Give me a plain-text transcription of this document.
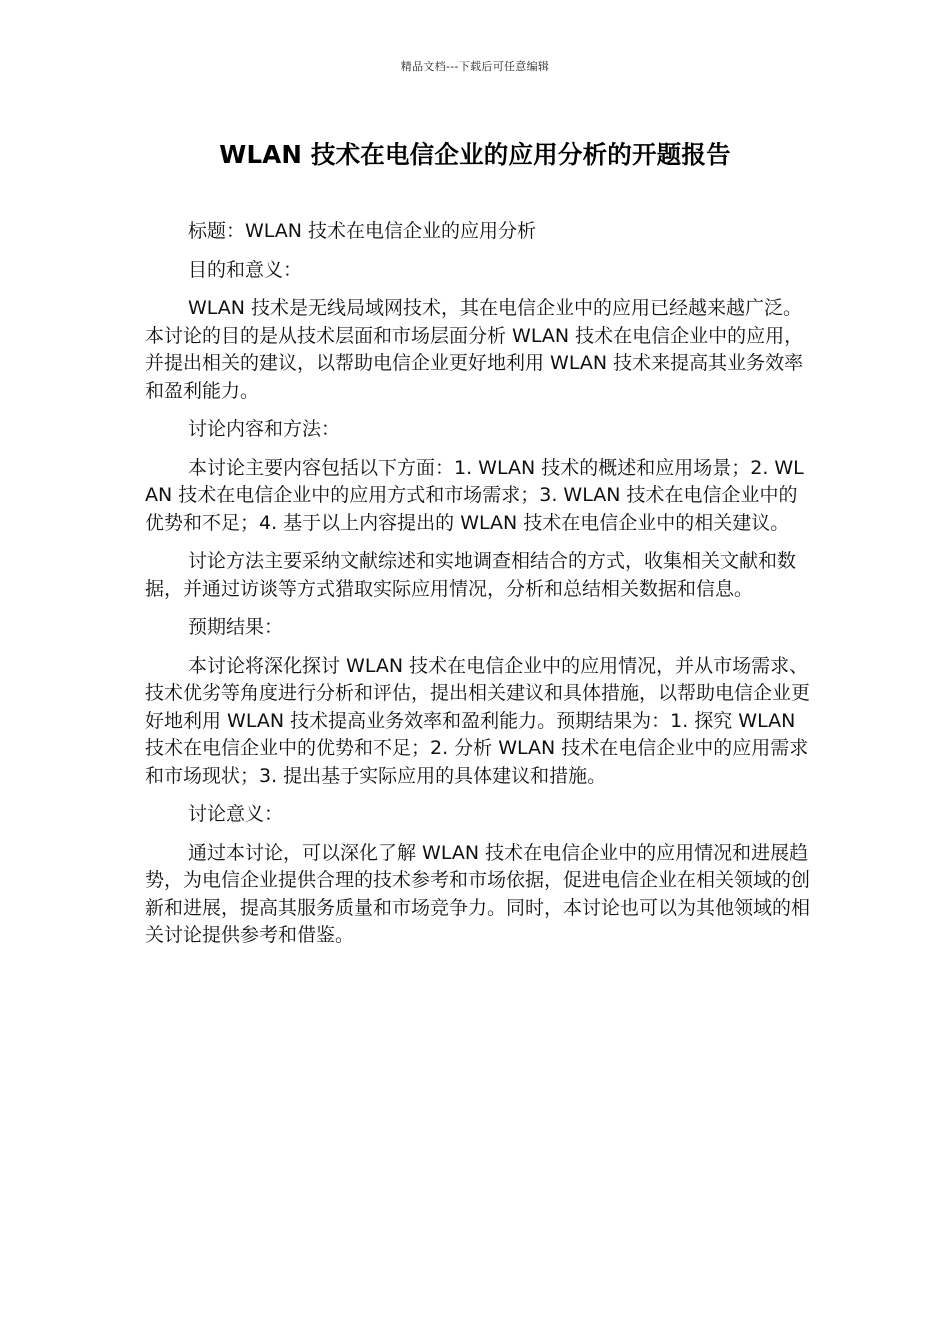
精品文档---下载后可任意编辑
WLAN 技术在电信企业的应用分析的开题报告

标题：WLAN 技术在电信企业的应用分析

目的和意义：

WLAN 技术是无线局域网技术，其在电信企业中的应用已经越来越广泛。本讨论的目的是从技术层面和市场层面分析 WLAN 技术在电信企业中的应用，并提出相关的建议，以帮助电信企业更好地利用 WLAN 技术来提高其业务效率和盈利能力。

讨论内容和方法：

本讨论主要内容包括以下方面：1. WLAN 技术的概述和应用场景；2. WLAN 技术在电信企业中的应用方式和市场需求；3. WLAN 技术在电信企业中的优势和不足；4. 基于以上内容提出的 WLAN 技术在电信企业中的相关建议。

讨论方法主要采纳文献综述和实地调查相结合的方式，收集相关文献和数据，并通过访谈等方式猎取实际应用情况，分析和总结相关数据和信息。

预期结果：

本讨论将深化探讨 WLAN 技术在电信企业中的应用情况，并从市场需求、技术优劣等角度进行分析和评估，提出相关建议和具体措施，以帮助电信企业更好地利用 WLAN 技术提高业务效率和盈利能力。预期结果为：1. 探究 WLAN 技术在电信企业中的优势和不足；2. 分析 WLAN 技术在电信企业中的应用需求和市场现状；3. 提出基于实际应用的具体建议和措施。

讨论意义：

通过本讨论，可以深化了解 WLAN 技术在电信企业中的应用情况和进展趋势，为电信企业提供合理的技术参考和市场依据，促进电信企业在相关领域的创新和进展，提高其服务质量和市场竞争力。同时，本讨论也可以为其他领域的相关讨论提供参考和借鉴。
